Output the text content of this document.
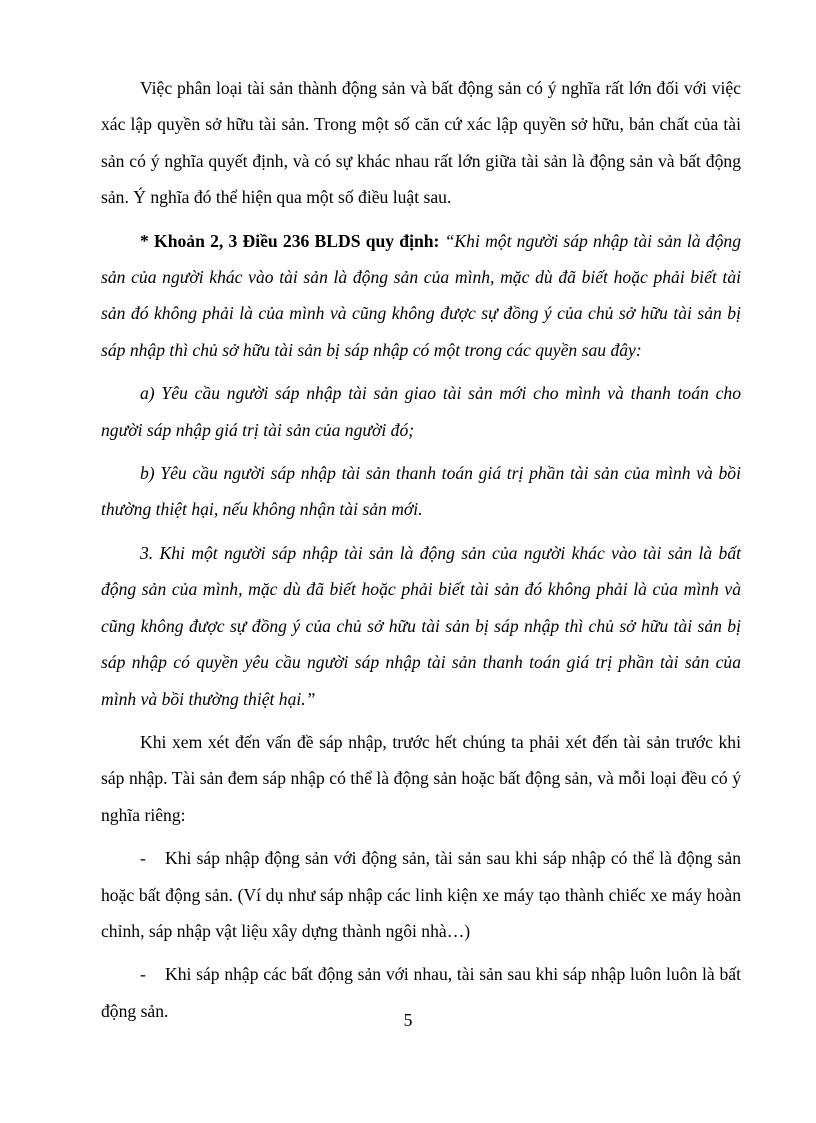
Việc phân loại tài sản thành động sản và bất động sản có ý nghĩa rất lớn đối với việc xác lập quyền sở hữu tài sản. Trong một số căn cứ xác lập quyền sở hữu, bản chất của tài sản có ý nghĩa quyết định, và có sự khác nhau rất lớn giữa tài sản là động sản và bất động sản. Ý nghĩa đó thể hiện qua một số điều luật sau.

* Khoản 2, 3 Điều 236 BLDS quy định: “Khi một người sáp nhập tài sản là động sản của người khác vào tài sản là động sản của mình, mặc dù đã biết hoặc phải biết tài sản đó không phải là của mình và cũng không được sự đồng ý của chủ sở hữu tài sản bị sáp nhập thì chủ sở hữu tài sản bị sáp nhập có một trong các quyền sau đây:

a) Yêu cầu người sáp nhập tài sản giao tài sản mới cho mình và thanh toán cho người sáp nhập giá trị tài sản của người đó;

b) Yêu cầu người sáp nhập tài sản thanh toán giá trị phần tài sản của mình và bồi thường thiệt hại, nếu không nhận tài sản mới.

3. Khi một người sáp nhập tài sản là động sản của người khác vào tài sản là bất động sản của mình, mặc dù đã biết hoặc phải biết tài sản đó không phải là của mình và cũng không được sự đồng ý của chủ sở hữu tài sản bị sáp nhập thì chủ sở hữu tài sản bị sáp nhập có quyền yêu cầu người sáp nhập tài sản thanh toán giá trị phần tài sản của mình và bồi thường thiệt hại.”

Khi xem xét đến vấn đề sáp nhập, trước hết chúng ta phải xét đến tài sản trước khi sáp nhập. Tài sản đem sáp nhập có thể là động sản hoặc bất động sản, và mỗi loại đều có ý nghĩa riêng:

- Khi sáp nhập động sản với động sản, tài sản sau khi sáp nhập có thể là động sản hoặc bất động sản. (Ví dụ như sáp nhập các linh kiện xe máy tạo thành chiếc xe máy hoàn chỉnh, sáp nhập vật liệu xây dựng thành ngôi nhà…)

- Khi sáp nhập các bất động sản với nhau, tài sản sau khi sáp nhập luôn luôn là bất động sản.	5
